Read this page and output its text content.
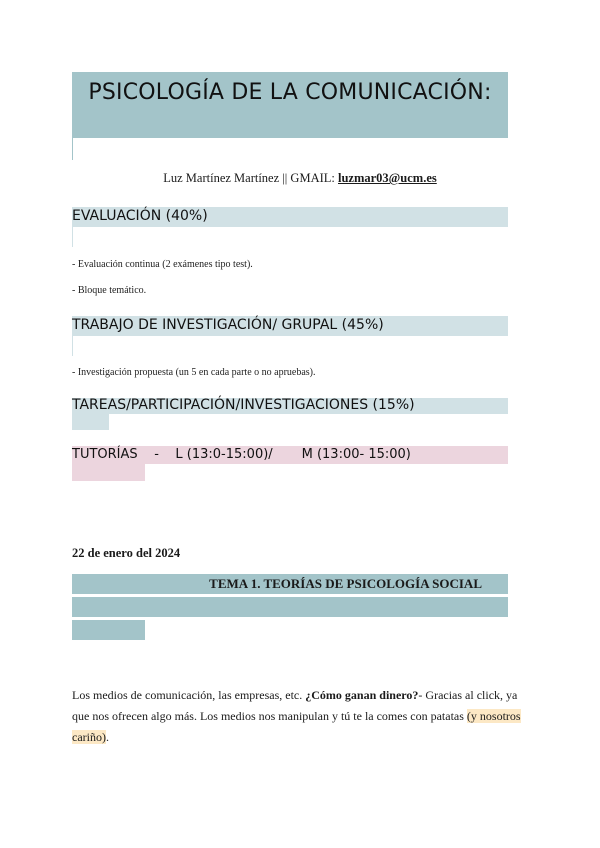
PSICOLOGÍA DE LA COMUNICACIÓN:
Luz Martínez Martínez || GMAIL: luzmar03@ucm.es
EVALUACIÓN (40%)
- Evaluación continua (2 exámenes tipo test).
- Bloque temático.
TRABAJO DE INVESTIGACIÓN/ GRUPAL (45%)
- Investigación propuesta (un 5 en cada parte o no apruebas).
TAREAS/PARTICIPACIÓN/INVESTIGACIONES (15%)
TUTORÍAS - L (13:0-15:00)/ M (13:00- 15:00)
22 de enero del 2024
TEMA 1. TEORÍAS DE PSICOLOGÍA SOCIAL
Los medios de comunicación, las empresas, etc. ¿Cómo ganan dinero?- Gracias al click, ya que nos ofrecen algo más. Los medios nos manipulan y tú te la comes con patatas (y nosotros cariño).
